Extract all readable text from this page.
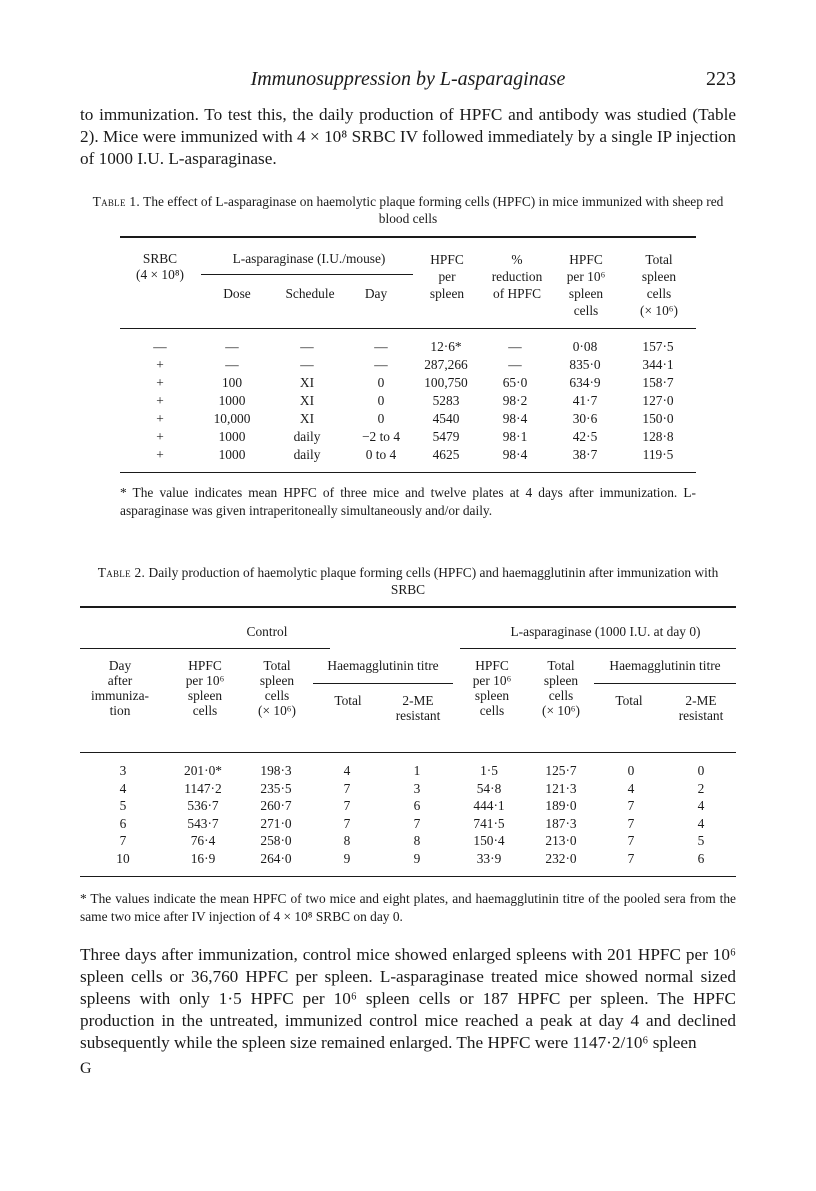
Immunosuppression by L-asparaginase	223
to immunization. To test this, the daily production of HPFC and antibody was studied (Table 2). Mice were immunized with 4 × 10⁸ SRBC IV followed immediately by a single IP injection of 1000 I.U. L-asparaginase.
Table 1. The effect of L-asparaginase on haemolytic plaque forming cells (HPFC) in mice immunized with sheep red blood cells
SRBC
(4 × 10⁸)
L-asparaginase (I.U./mouse)
Dose	Schedule	Day
HPFC
per
spleen
%
reduction
of HPFC
HPFC
per 10⁶
spleen
cells
Total
spleen
cells
(× 10⁶)
—	—	—	—	12·6*	—	0·08	157·5
+	—	—	—	287,266	—	835·0	344·1
+	100	XI	0	100,750	65·0	634·9	158·7
+	1000	XI	0	5283	98·2	41·7	127·0
+	10,000	XI	0	4540	98·4	30·6	150·0
+	1000	daily	−2 to 4	5479	98·1	42·5	128·8
+	1000	daily	0 to 4	4625	98·4	38·7	119·5
* The value indicates mean HPFC of three mice and twelve plates at 4 days after immunization. L-asparaginase was given intraperitoneally simultaneously and/or daily.
Table 2. Daily production of haemolytic plaque forming cells (HPFC) and haemagglutinin after immunization with SRBC
Control	L-asparaginase (1000 I.U. at day 0)
Day
after
immuniza-
tion
HPFC
per 10⁶
spleen
cells
Total
spleen
cells
(× 10⁶)
Haemagglutinin titre
Total	2-ME
resistant
HPFC
per 10⁶
spleen
cells
Total
spleen
cells
(× 10⁶)
Haemagglutinin titre
Total	2-ME
resistant
3	201·0*	198·3	4	1	1·5	125·7	0	0
4	1147·2	235·5	7	3	54·8	121·3	4	2
5	536·7	260·7	7	6	444·1	189·0	7	4
6	543·7	271·0	7	7	741·5	187·3	7	4
7	76·4	258·0	8	8	150·4	213·0	7	5
10	16·9	264·0	9	9	33·9	232·0	7	6
* The values indicate the mean HPFC of two mice and eight plates, and haemagglutinin titre of the pooled sera from the same two mice after IV injection of 4 × 10⁸ SRBC on day 0.
Three days after immunization, control mice showed enlarged spleens with 201 HPFC per 10⁶ spleen cells or 36,760 HPFC per spleen. L-asparaginase treated mice showed normal sized spleens with only 1·5 HPFC per 10⁶ spleen cells or 187 HPFC per spleen. The HPFC production in the untreated, immunized control mice reached a peak at day 4 and declined subsequently while the spleen size remained enlarged. The HPFC were 1147·2/10⁶ spleen
G
